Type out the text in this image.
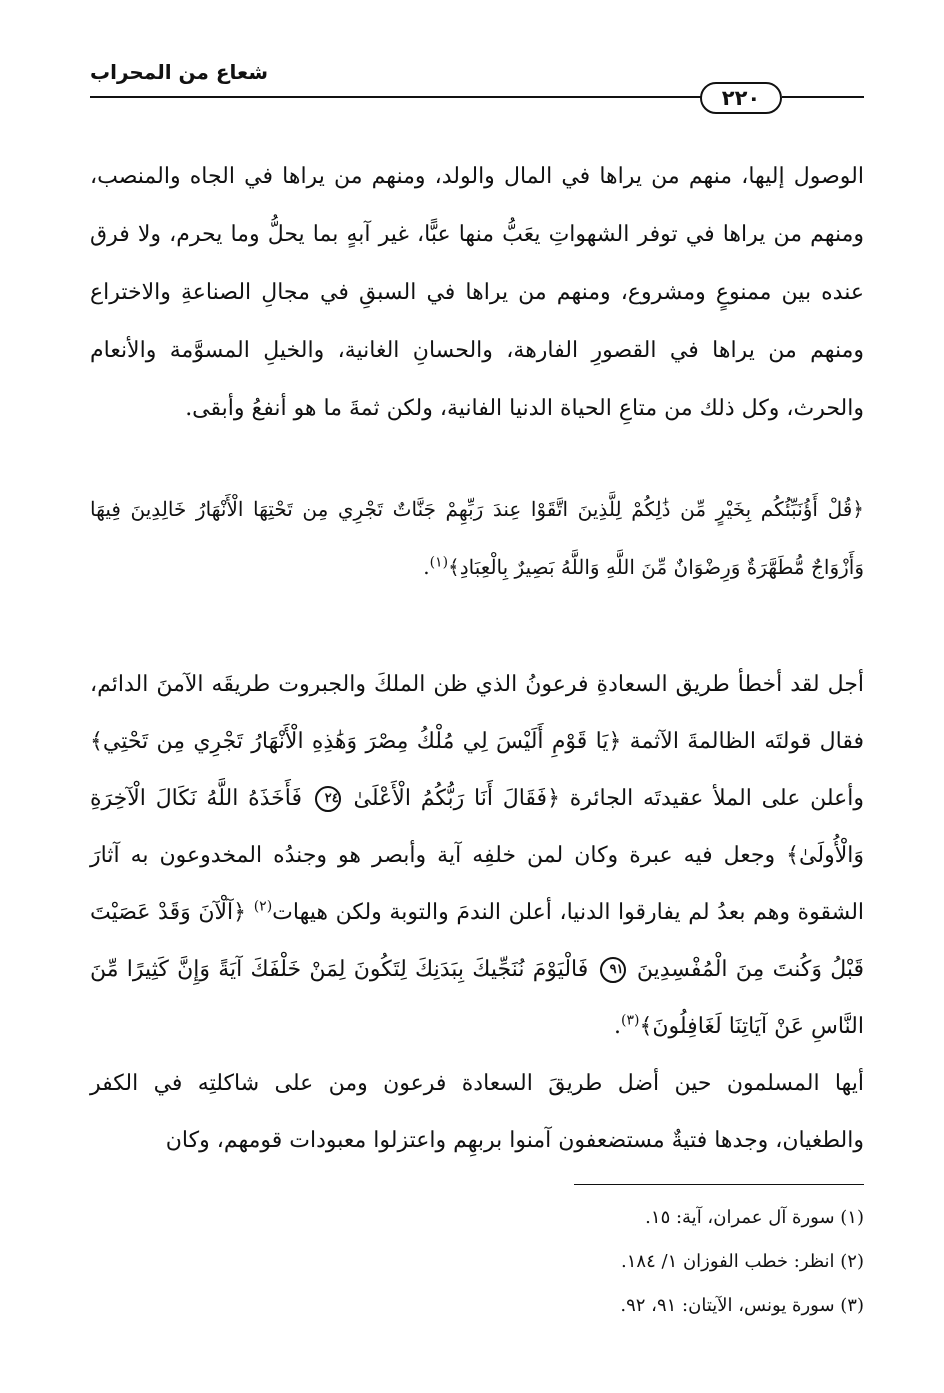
شعاع من المحراب
٢٢٠
الوصول إليها، منهم من يراها في المال والولد، ومنهم من يراها في الجاه والمنصب، ومنهم من يراها في توفر الشهواتِ يعَبُّ منها عبًّا، غير آبهٍ بما يحلُّ وما يحرم، ولا فرق عنده بين ممنوعٍ ومشروع، ومنهم من يراها في السبقِ في مجالِ الصناعةِ والاختراع ومنهم من يراها في القصورِ الفارهة، والحسانِ الغانية، والخيلِ المسوَّمة والأنعام والحرث، وكل ذلك من متاعِ الحياة الدنيا الفانية، ولكن ثمةَ ما هو أنفعُ وأبقى.
﴿قُلْ أَؤُنَبِّئُكُم بِخَيْرٍ مِّن ذَٰلِكُمْ لِلَّذِينَ اتَّقَوْا عِندَ رَبِّهِمْ جَنَّاتٌ تَجْرِي مِن تَحْتِهَا الْأَنْهَارُ خَالِدِينَ فِيهَا وَأَزْوَاجٌ مُّطَهَّرَةٌ وَرِضْوَانٌ مِّنَ اللَّهِ وَاللَّهُ بَصِيرٌ بِالْعِبَادِ﴾$^{(١)}$.
أجل لقد أخطأ طريق السعادةِ فرعونُ الذي ظن الملكَ والجبروت طريقَه الآمنَ الدائم، فقال قولتَه الظالمةَ الآثمة ﴿يَا قَوْمِ أَلَيْسَ لِي مُلْكُ مِصْرَ وَهَٰذِهِ الْأَنْهَارُ تَجْرِي مِن تَحْتِي﴾ وأعلن على الملأ عقيدتَه الجائرة ﴿فَقَالَ أَنَا رَبُّكُمُ الْأَعْلَىٰ ٢٤ فَأَخَذَهُ اللَّهُ نَكَالَ الْآخِرَةِ وَالْأُولَىٰ﴾ وجعل فيه عبرة وكان لمن خلفِه آية وأبصر هو وجندُه المخدوعون به آثارَ الشقوة وهم بعدُ لم يفارقوا الدنيا، أعلن الندمَ والتوبة ولكن هيهات$^{(٢)}$ ﴿آلْآنَ وَقَدْ عَصَيْتَ قَبْلُ وَكُنتَ مِنَ الْمُفْسِدِينَ ٩١ فَالْيَوْمَ نُنَجِّيكَ بِبَدَنِكَ لِتَكُونَ لِمَنْ خَلْفَكَ آيَةً وَإِنَّ كَثِيرًا مِّنَ النَّاسِ عَنْ آيَاتِنَا لَغَافِلُونَ﴾$^{(٣)}$.
أيها المسلمون حين أضل طريقَ السعادة فرعون ومن على شاكلتِه في الكفر والطغيان، وجدها فتيةٌ مستضعفون آمنوا بربهِم واعتزلوا معبودات قومهم، وكان
(١) سورة آل عمران، آية: ١٥.
(٢) انظر: خطب الفوزان ١/ ١٨٤.
(٣) سورة يونس، الآيتان: ٩١، ٩٢.
